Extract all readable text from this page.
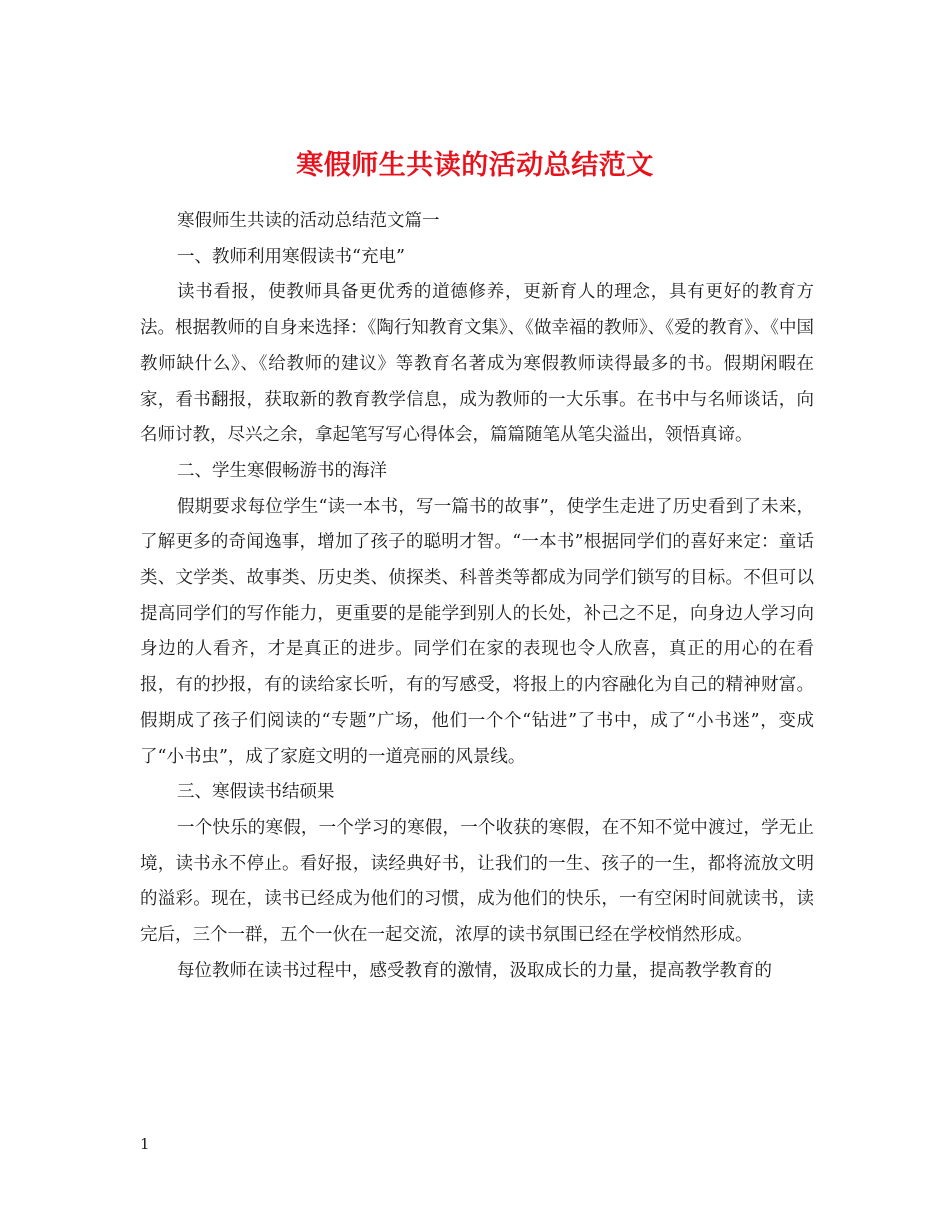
寒假师生共读的活动总结范文

寒假师生共读的活动总结范文篇一

一、教师利用寒假读书“充电”

读书看报，使教师具备更优秀的道德修养，更新育人的理念，具有更好的教育方法。根据教师的自身来选择：《陶行知教育文集》、《做幸福的教师》、《爱的教育》、《中国教师缺什么》、《给教师的建议》等教育名著成为寒假教师读得最多的书。假期闲暇在家，看书翻报，获取新的教育教学信息，成为教师的一大乐事。在书中与名师谈话，向名师讨教，尽兴之余，拿起笔写写心得体会，篇篇随笔从笔尖溢出，领悟真谛。

二、学生寒假畅游书的海洋

假期要求每位学生“读一本书，写一篇书的故事”，使学生走进了历史看到了未来，了解更多的奇闻逸事，增加了孩子的聪明才智。“一本书”根据同学们的喜好来定：童话类、文学类、故事类、历史类、侦探类、科普类等都成为同学们锁写的目标。不但可以提高同学们的写作能力，更重要的是能学到别人的长处，补己之不足，向身边人学习向身边的人看齐，才是真正的进步。同学们在家的表现也令人欣喜，真正的用心的在看报，有的抄报，有的读给家长听，有的写感受，将报上的内容融化为自己的精神财富。假期成了孩子们阅读的“专题”广场，他们一个个“钻进”了书中，成了“小书迷”，变成了“小书虫”，成了家庭文明的一道亮丽的风景线。

三、寒假读书结硕果

一个快乐的寒假，一个学习的寒假，一个收获的寒假，在不知不觉中渡过，学无止境，读书永不停止。看好报，读经典好书，让我们的一生、孩子的一生，都将流放文明的溢彩。现在，读书已经成为他们的习惯，成为他们的快乐，一有空闲时间就读书，读完后，三个一群，五个一伙在一起交流，浓厚的读书氛围已经在学校悄然形成。

每位教师在读书过程中，感受教育的激情，汲取成长的力量，提高教学教育的

1
